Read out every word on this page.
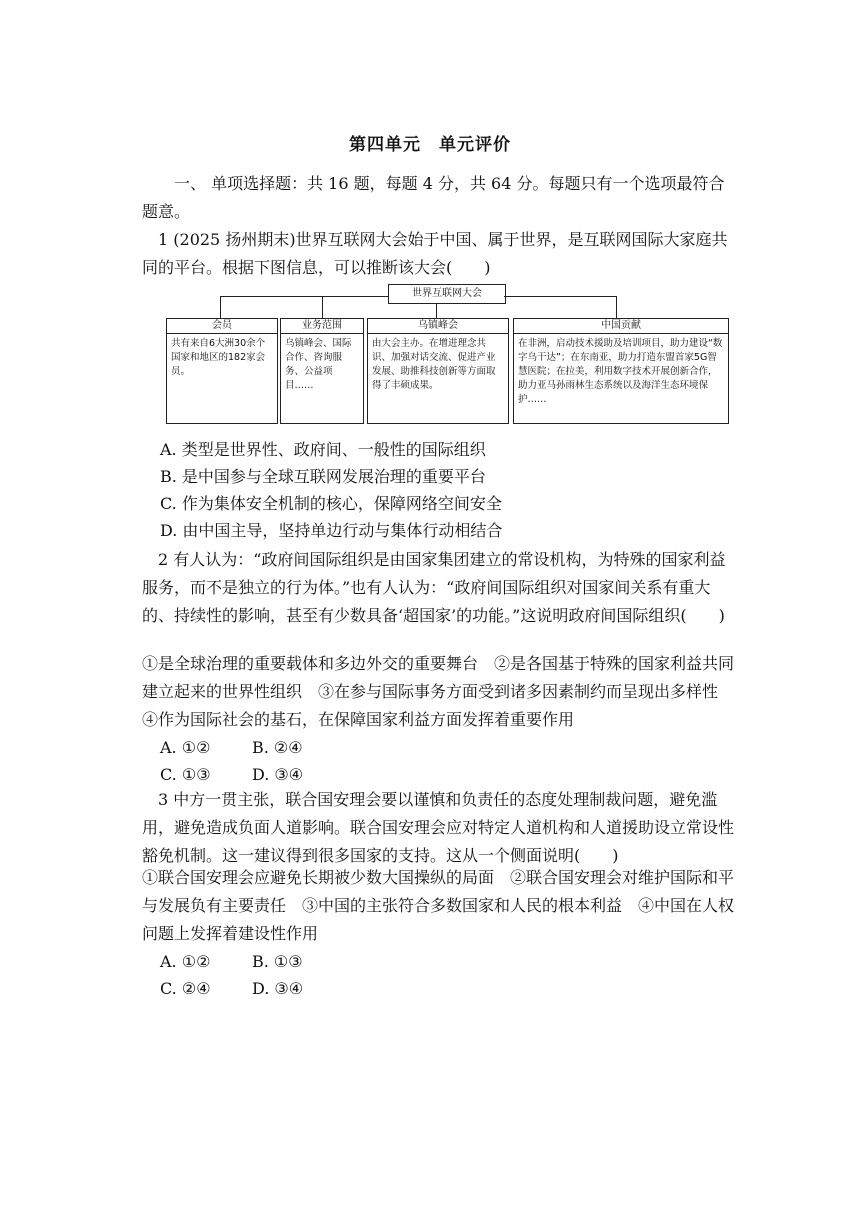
第四单元　单元评价
一、 单项选择题：共 16 题，每题 4 分，共 64 分。每题只有一个选项最符合题意。
1 (2025 扬州期末)世界互联网大会始于中国、属于世界，是互联网国际大家庭共同的平台。根据下图信息，可以推断该大会(　　)
世界互联网大会
会员
共有来自6大洲30余个国家和地区的182家会员。
业务范围
乌镇峰会、国际合作、咨询服务、公益项目……
乌镇峰会
由大会主办。在增进理念共识、加强对话交流、促进产业发展、助推科技创新等方面取得了丰硕成果。
中国贡献
在非洲，启动技术援助及培训项目，助力建设“数字乌干达”；在东南亚，助力打造东盟首家5G智慧医院；在拉美，利用数字技术开展创新合作，助力亚马孙雨林生态系统以及海洋生态环境保护……
A. 类型是世界性、政府间、一般性的国际组织
B. 是中国参与全球互联网发展治理的重要平台
C. 作为集体安全机制的核心，保障网络空间安全
D. 由中国主导，坚持单边行动与集体行动相结合
2 有人认为：“政府间国际组织是由国家集团建立的常设机构，为特殊的国家利益服务，而不是独立的行为体。”也有人认为：“政府间国际组织对国家间关系有重大的、持续性的影响，甚至有少数具备‘超国家’的功能。”这说明政府间国际组织(　　)
①是全球治理的重要载体和多边外交的重要舞台　②是各国基于特殊的国家利益共同建立起来的世界性组织　③在参与国际事务方面受到诸多因素制约而呈现出多样性　④作为国际社会的基石，在保障国家利益方面发挥着重要作用
A. ①②	B. ②④
C. ①③	D. ③④
3 中方一贯主张，联合国安理会要以谨慎和负责任的态度处理制裁问题，避免滥用，避免造成负面人道影响。联合国安理会应对特定人道机构和人道援助设立常设性豁免机制。这一建议得到很多国家的支持。这从一个侧面说明(　　)
①联合国安理会应避免长期被少数大国操纵的局面　②联合国安理会对维护国际和平与发展负有主要责任　③中国的主张符合多数国家和人民的根本利益　④中国在人权问题上发挥着建设性作用
A. ①②	B. ①③
C. ②④	D. ③④
